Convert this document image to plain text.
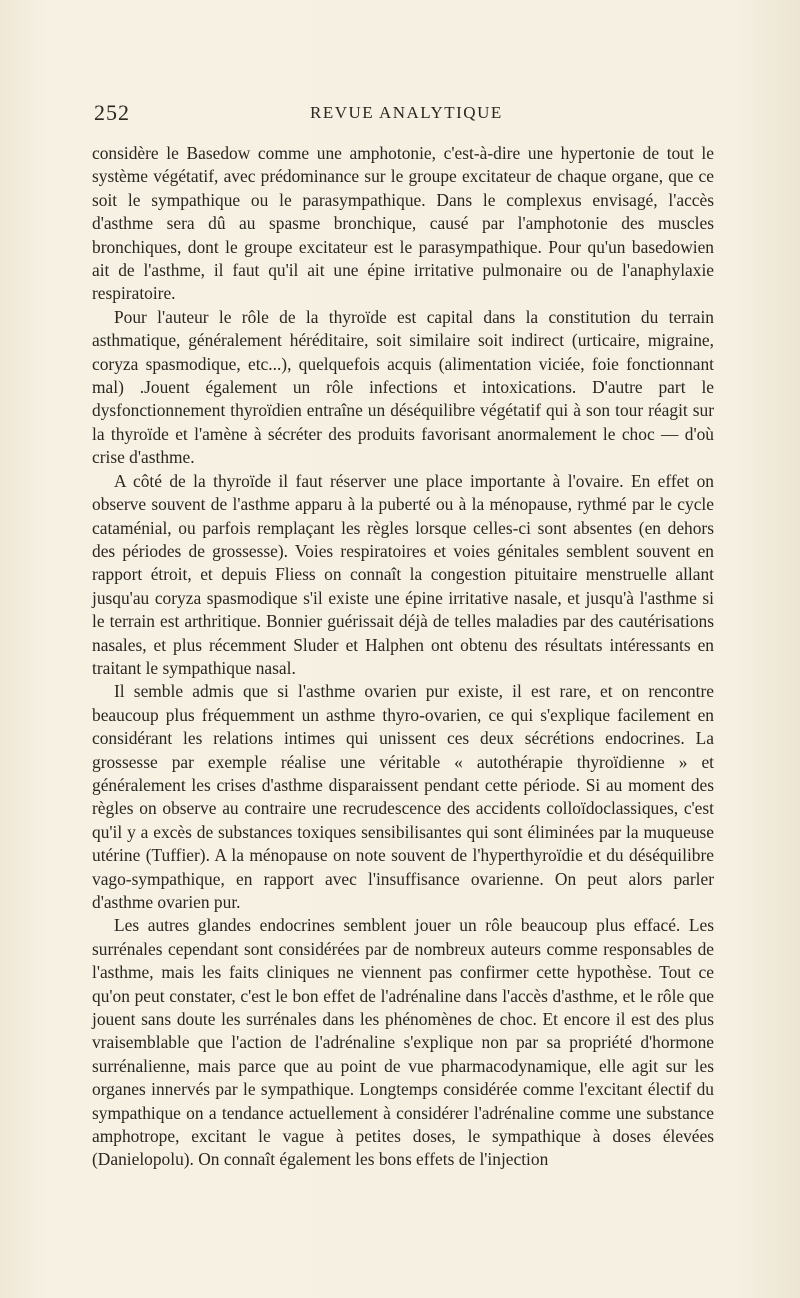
252	REVUE ANALYTIQUE

considère le Basedow comme une amphotonie, c'est-à-dire une hypertonie de tout le système végétatif, avec prédominance sur le groupe excitateur de chaque organe, que ce soit le sympathique ou le parasympathique. Dans le complexus envisagé, l'accès d'asthme sera dû au spasme bronchique, causé par l'amphotonie des muscles bronchiques, dont le groupe excitateur est le parasympathique. Pour qu'un basedowien ait de l'asthme, il faut qu'il ait une épine irritative pulmonaire ou de l'anaphylaxie respiratoire.

Pour l'auteur le rôle de la thyroïde est capital dans la constitution du terrain asthmatique, généralement héréditaire, soit similaire soit indirect (urticaire, migraine, coryza spasmodique, etc...), quelquefois acquis (alimentation viciée, foie fonctionnant mal) .Jouent également un rôle infections et intoxications. D'autre part le dysfonctionnement thyroïdien entraîne un déséquilibre végétatif qui à son tour réagit sur la thyroïde et l'amène à sécréter des produits favorisant anormalement le choc — d'où crise d'asthme.

A côté de la thyroïde il faut réserver une place importante à l'ovaire. En effet on observe souvent de l'asthme apparu à la puberté ou à la ménopause, rythmé par le cycle cataménial, ou parfois remplaçant les règles lorsque celles-ci sont absentes (en dehors des périodes de grossesse). Voies respiratoires et voies génitales semblent souvent en rapport étroit, et depuis Fliess on connaît la congestion pituitaire menstruelle allant jusqu'au coryza spasmodique s'il existe une épine irritative nasale, et jusqu'à l'asthme si le terrain est arthritique. Bonnier guérissait déjà de telles maladies par des cautérisations nasales, et plus récemment Sluder et Halphen ont obtenu des résultats intéressants en traitant le sympathique nasal.

Il semble admis que si l'asthme ovarien pur existe, il est rare, et on rencontre beaucoup plus fréquemment un asthme thyro-ovarien, ce qui s'explique facilement en considérant les relations intimes qui unissent ces deux sécrétions endocrines. La grossesse par exemple réalise une véritable « autothérapie thyroïdienne » et généralement les crises d'asthme disparaissent pendant cette période. Si au moment des règles on observe au contraire une recrudescence des accidents colloïdoclassiques, c'est qu'il y a excès de substances toxiques sensibilisantes qui sont éliminées par la muqueuse utérine (Tuffier). A la ménopause on note souvent de l'hyperthyroïdie et du déséquilibre vago-sympathique, en rapport avec l'insuffisance ovarienne. On peut alors parler d'asthme ovarien pur.

Les autres glandes endocrines semblent jouer un rôle beaucoup plus effacé. Les surrénales cependant sont considérées par de nombreux auteurs comme responsables de l'asthme, mais les faits cliniques ne viennent pas confirmer cette hypothèse. Tout ce qu'on peut constater, c'est le bon effet de l'adrénaline dans l'accès d'asthme, et le rôle que jouent sans doute les surrénales dans les phénomènes de choc. Et encore il est des plus vraisemblable que l'action de l'adrénaline s'explique non par sa propriété d'hormone surrénalienne, mais parce que au point de vue pharmacodynamique, elle agit sur les organes innervés par le sympathique. Longtemps considérée comme l'excitant électif du sympathique on a tendance actuellement à considérer l'adrénaline comme une substance amphotrope, excitant le vague à petites doses, le sympathique à doses élevées (Danielopolu). On connaît également les bons effets de l'injection
